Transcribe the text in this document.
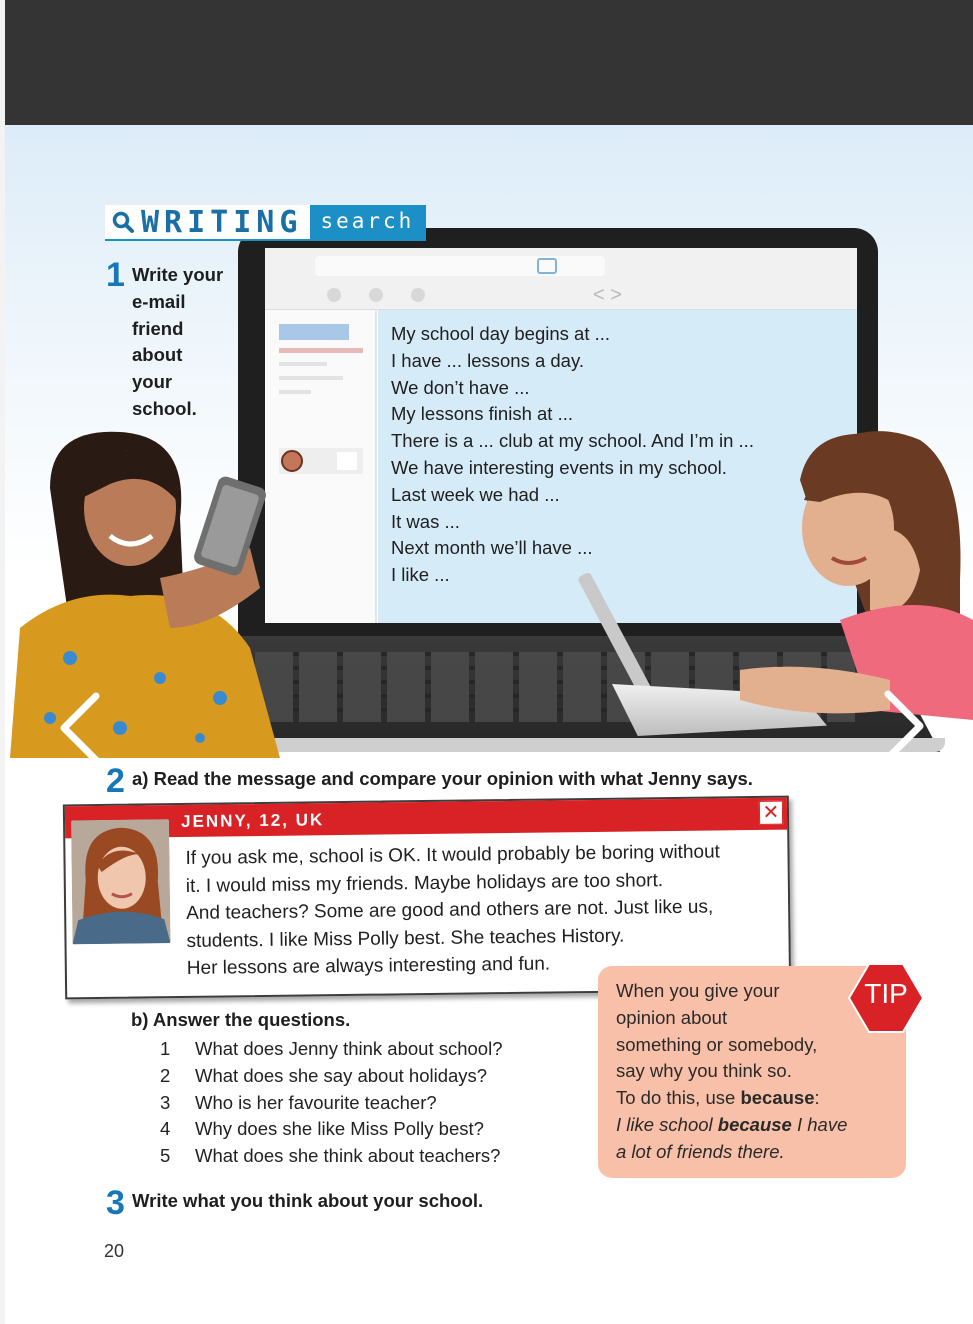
< >
My school day begins at ...
I have ... lessons a day.
We don’t have ...
My lessons finish at ...
There is a ... club at my school. And I’m in ...
We have interesting events in my school.
Last week we had ...
It was ...
Next month we’ll have ...
I like ...
WRITING search
1 Write your
e-mail
friend
about
your
school.
2 a) Read the message and compare your opinion with what Jenny says.
JENNY, 12, UK	✕
If you ask me, school is OK. It would probably be boring without
it. I would miss my friends. Maybe holidays are too short.
And teachers? Some are good and others are not. Just like us,
students. I like Miss Polly best. She teaches History.
Her lessons are always interesting and fun.
b) Answer the questions.
1	What does Jenny think about school?
2	What does she say about holidays?
3	Who is her favourite teacher?
4	Why does she like Miss Polly best?
5	What does she think about teachers?
When you give your
opinion about
something or somebody,
say why you think so.
To do this, use because:
I like school because I have
a lot of friends there.
TIP
3 Write what you think about your school.
20
